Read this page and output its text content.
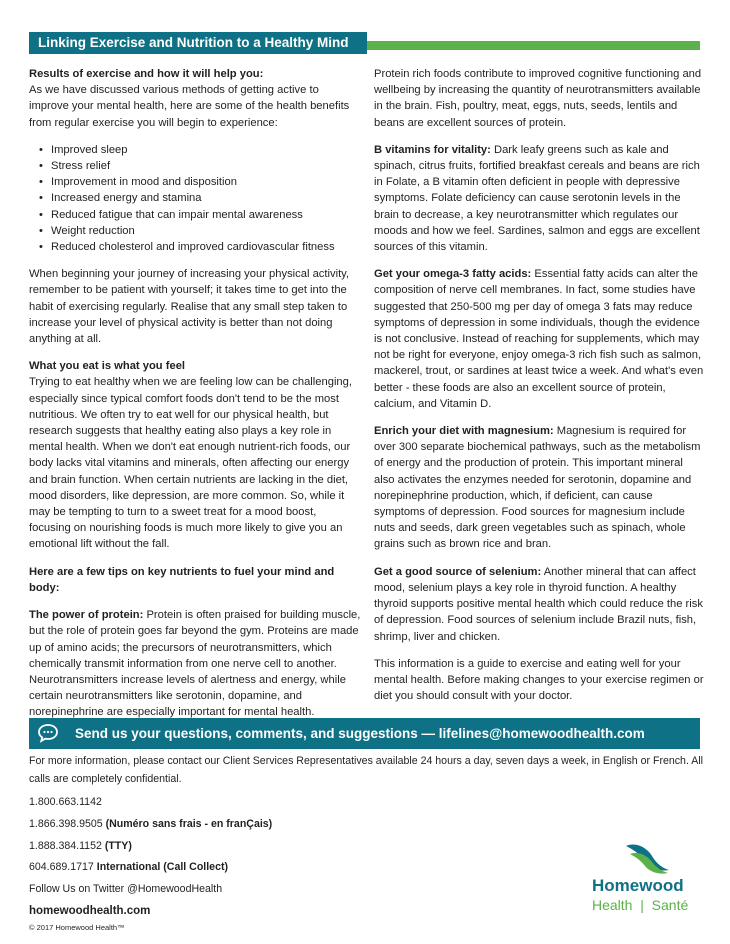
Linking Exercise and Nutrition to a Healthy Mind

Results of exercise and how it will help you:
As we have discussed various methods of getting active to improve your mental health, here are some of the health benefits from regular exercise you will begin to experience:

• Improved sleep
• Stress relief
• Improvement in mood and disposition
• Increased energy and stamina
• Reduced fatigue that can impair mental awareness
• Weight reduction
• Reduced cholesterol and improved cardiovascular fitness

When beginning your journey of increasing your physical activity, remember to be patient with yourself; it takes time to get into the habit of exercising regularly. Realise that any small step taken to increase your level of physical activity is better than not doing anything at all.

What you eat is what you feel
Trying to eat healthy when we are feeling low can be challenging, especially since typical comfort foods don't tend to be the most nutritious. We often try to eat well for our physical health, but research suggests that healthy eating also plays a key role in mental health. When we don't eat enough nutrient-rich foods, our body lacks vital vitamins and minerals, often affecting our energy and brain function. When certain nutrients are lacking in the diet, mood disorders, like depression, are more common. So, while it may be tempting to turn to a sweet treat for a mood boost, focusing on nourishing foods is much more likely to give you an emotional lift without the fall.

Here are a few tips on key nutrients to fuel your mind and body:

The power of protein: Protein is often praised for building muscle, but the role of protein goes far beyond the gym. Proteins are made up of amino acids; the precursors of neurotransmitters, which chemically transmit information from one nerve cell to another. Neurotransmitters increase levels of alertness and energy, while certain neurotransmitters like serotonin, dopamine, and norepinephrine are especially important for mental health.

Protein rich foods contribute to improved cognitive functioning and wellbeing by increasing the quantity of neurotransmitters available in the brain. Fish, poultry, meat, eggs, nuts, seeds, lentils and beans are excellent sources of protein.

B vitamins for vitality: Dark leafy greens such as kale and spinach, citrus fruits, fortified breakfast cereals and beans are rich in Folate, a B vitamin often deficient in people with depressive symptoms. Folate deficiency can cause serotonin levels in the brain to decrease, a key neurotransmitter which regulates our moods and how we feel. Sardines, salmon and eggs are excellent sources of this vitamin.

Get your omega-3 fatty acids: Essential fatty acids can alter the composition of nerve cell membranes. In fact, some studies have suggested that 250-500 mg per day of omega 3 fats may reduce symptoms of depression in some individuals, though the evidence is not conclusive. Instead of reaching for supplements, which may not be right for everyone, enjoy omega-3 rich fish such as salmon, mackerel, trout, or sardines at least twice a week. And what's even better - these foods are also an excellent source of protein, calcium, and Vitamin D.

Enrich your diet with magnesium: Magnesium is required for over 300 separate biochemical pathways, such as the metabolism of energy and the production of protein. This important mineral also activates the enzymes needed for serotonin, dopamine and norepinephrine production, which, if deficient, can cause symptoms of depression. Food sources for magnesium include nuts and seeds, dark green vegetables such as spinach, whole grains such as brown rice and bran.

Get a good source of selenium: Another mineral that can affect mood, selenium plays a key role in thyroid function. A healthy thyroid supports positive mental health which could reduce the risk of depression. Food sources of selenium include Brazil nuts, fish, shrimp, liver and chicken.

This information is a guide to exercise and eating well for your mental health. Before making changes to your exercise regimen or diet you should consult with your doctor.

Send us your questions, comments, and suggestions — lifelines@homewoodhealth.com

For more information, please contact our Client Services Representatives available 24 hours a day, seven days a week, in English or French. All calls are completely confidential.

1.800.663.1142
1.866.398.9505 (Numéro sans frais - en franÇais)
1.888.384.1152 (TTY)
604.689.1717 International (Call Collect)
Follow Us on Twitter @HomewoodHealth
homewoodhealth.com
© 2017 Homewood Health™
Homewood
Health  |  Santé
